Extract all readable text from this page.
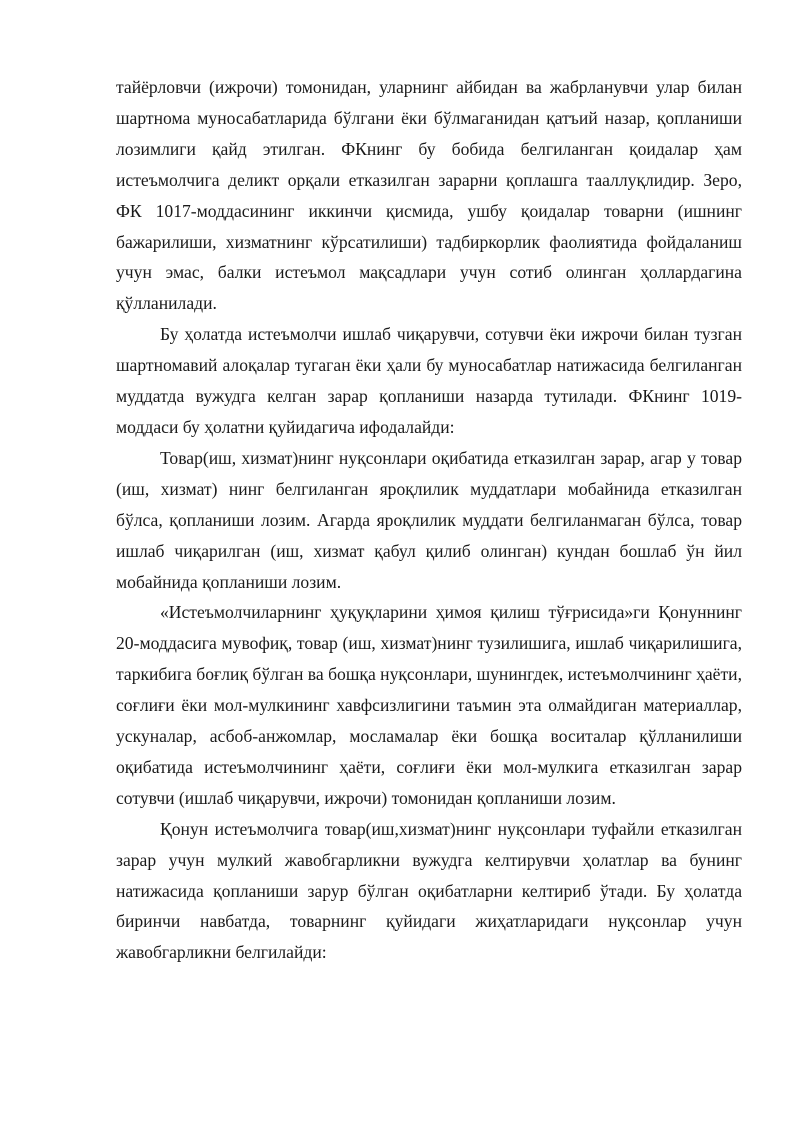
тайёрловчи (ижрочи) томонидан, уларнинг айбидан ва жабрланувчи улар билан шартнома муносабатларида бўлгани ёки бўлмаганидан қатъий назар, қопланиши лозимлиги қайд этилган. ФКнинг бу бобида белгиланган қоидалар ҳам истеъмолчига деликт орқали етказилган зарарни қоплашга тааллуқлидир. Зеро, ФК 1017-моддасининг иккинчи қисмида, ушбу қоидалар товарни (ишнинг бажарилиши, хизматнинг кўрсатилиши) тадбиркорлик фаолиятида фойдаланиш учун эмас, балки истеъмол мақсадлари учун сотиб олинган ҳоллардагина қўлланилади.

Бу ҳолатда истеъмолчи ишлаб чиқарувчи, сотувчи ёки ижрочи билан тузган шартномавий алоқалар тугаган ёки ҳали бу муносабатлар натижасида белгиланган муддатда вужудга келган зарар қопланиши назарда тутилади. ФКнинг 1019-моддаси бу ҳолатни қуйидагича ифодалайди:

Товар(иш, хизмат)нинг нуқсонлари оқибатида етказилган зарар, агар у товар (иш, хизмат) нинг белгиланган яроқлилик муддатлари мобайнида етказилган бўлса, қопланиши лозим. Агарда яроқлилик муддати белгиланмаган бўлса, товар ишлаб чиқарилган (иш, хизмат қабул қилиб олинган) кундан бошлаб ўн йил мобайнида қопланиши лозим.

«Истеъмолчиларнинг ҳуқуқларини ҳимоя қилиш тўғрисида»ги Қонуннинг 20-моддасига мувофиқ, товар (иш, хизмат)нинг тузилишига, ишлаб чиқарилишига, таркибига боғлиқ бўлган ва бошқа нуқсонлари, шунингдек, истеъмолчининг ҳаёти, соғлиғи ёки мол-мулкининг хавфсизлигини таъмин эта олмайдиган материаллар, ускуналар, асбоб-анжомлар, мосламалар ёки бошқа воситалар қўлланилиши оқибатида истеъмолчининг ҳаёти, соғлиғи ёки мол-мулкига етказилган зарар сотувчи (ишлаб чиқарувчи, ижрочи) томонидан қопланиши лозим.

Қонун истеъмолчига товар(иш,хизмат)нинг нуқсонлари туфайли етказилган зарар учун мулкий жавобгарликни вужудга келтирувчи ҳолатлар ва бунинг натижасида қопланиши зарур бўлган оқибатларни келтириб ўтади. Бу ҳолатда биринчи навбатда, товарнинг қуйидаги жиҳатларидаги нуқсонлар учун жавобгарликни белгилайди:
